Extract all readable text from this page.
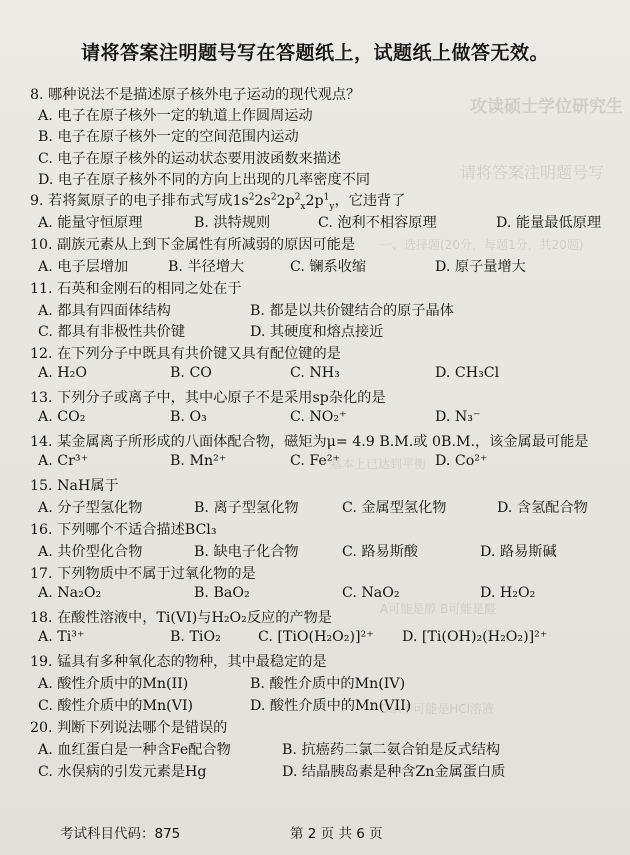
攻读硕士学位研究生
请将答案注明题号写
一、选择题(20分，每题1分，共20题)
基本上已达到平衡
A可能是醇 B可能是醛
D.A不可能是HCl溶液
请将答案注明题号写在答题纸上，试题纸上做答无效。
8. 哪种说法不是描述原子核外电子运动的现代观点？
A. 电子在原子核外一定的轨道上作圆周运动
B. 电子在原子核外一定的空间范围内运动
C. 电子在原子核外的运动状态要用波函数来描述
D. 电子在原子核外不同的方向上出现的几率密度不同
9. 若将氮原子的电子排布式写成$1s^22s^22p^2_x2p^1_y$，它违背了
A. 能量守恒原理	B. 洪特规则	C. 泡利不相容原理	D. 能量最低原理
10. 副族元素从上到下金属性有所减弱的原因可能是
A. 电子层增加	B. 半径增大	C. 镧系收缩	D. 原子量增大
11. 石英和金刚石的相同之处在于
A. 都具有四面体结构	B. 都是以共价键结合的原子晶体
C. 都具有非极性共价键	D. 其硬度和熔点接近
12. 在下列分子中既具有共价键又具有配位键的是
A. H₂O	B. CO	C. NH₃	D. CH₃Cl
13. 下列分子或离子中，其中心原子不是采用sp杂化的是
A. CO₂	B. O₃	C. NO₂⁺	D. N₃⁻
14. 某金属离子所形成的八面体配合物，磁矩为μ= 4.9 B.M.或 0B.M.，该金属最可能是
A. Cr³⁺	B. Mn²⁺	C. Fe²⁺	D. Co²⁺
15. NaH属于
A. 分子型氢化物	B. 离子型氢化物	C. 金属型氢化物	D. 含氢配合物
16. 下列哪个不适合描述BCl₃
A. 共价型化合物	B. 缺电子化合物	C. 路易斯酸	D. 路易斯碱
17. 下列物质中不属于过氧化物的是
A. Na₂O₂	B. BaO₂	C. NaO₂	D. H₂O₂
18. 在酸性溶液中，Ti(VI)与H₂O₂反应的产物是
A. Ti³⁺	B. TiO₂	C. [TiO(H₂O₂)]²⁺ D. [Ti(OH)₂(H₂O₂)]²⁺
19. 锰具有多种氧化态的物种，其中最稳定的是
A. 酸性介质中的Mn(II)	B. 酸性介质中的Mn(IV)
C. 酸性介质中的Mn(VI)	D. 酸性介质中的Mn(VII)
20. 判断下列说法哪个是错误的
A. 血红蛋白是一种含Fe配合物	B. 抗癌药二氯二氨合铂是反式结构
C. 水俣病的引发元素是Hg	D. 结晶胰岛素是种含Zn金属蛋白质
考试科目代码：875	第 2 页 共 6 页
